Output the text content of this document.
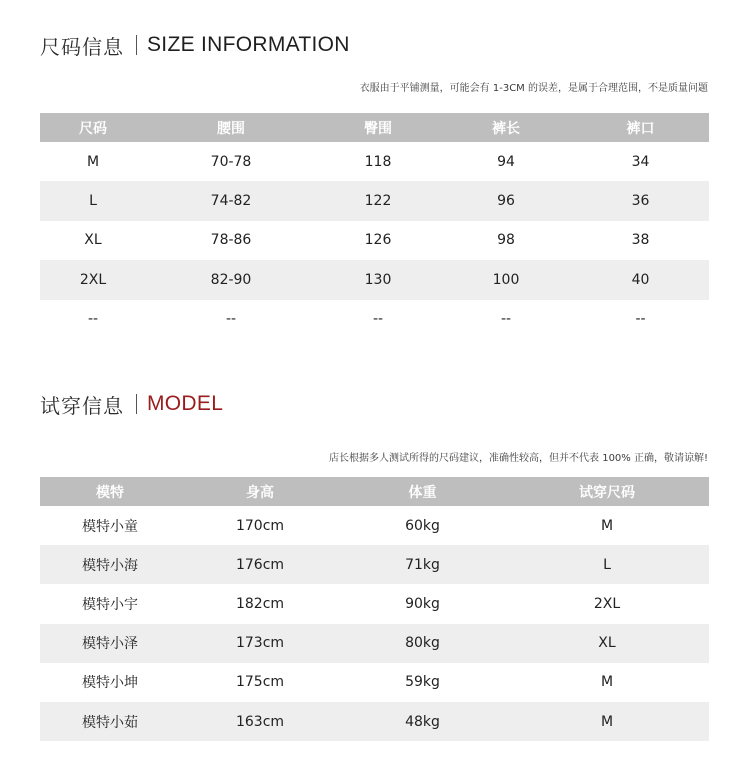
尺码信息 SIZE INFORMATION
衣服由于平铺测量，可能会有 1-3CM 的误差，是属于合理范围，不是质量问题
尺码	腰围	臀围	裤长	裤口
M	70-78	118	94	34
L	74-82	122	96	36
XL	78-86	126	98	38
2XL	82-90	130	100	40
--	--	--	--	--
试穿信息 MODEL
店长根据多人测试所得的尺码建议，准确性较高，但并不代表 100% 正确，敬请谅解!
模特	身高	体重	试穿尺码
模特小童	170cm	60kg	M
模特小海	176cm	71kg	L
模特小宇	182cm	90kg	2XL
模特小泽	173cm	80kg	XL
模特小坤	175cm	59kg	M
模特小茹	163cm	48kg	M
